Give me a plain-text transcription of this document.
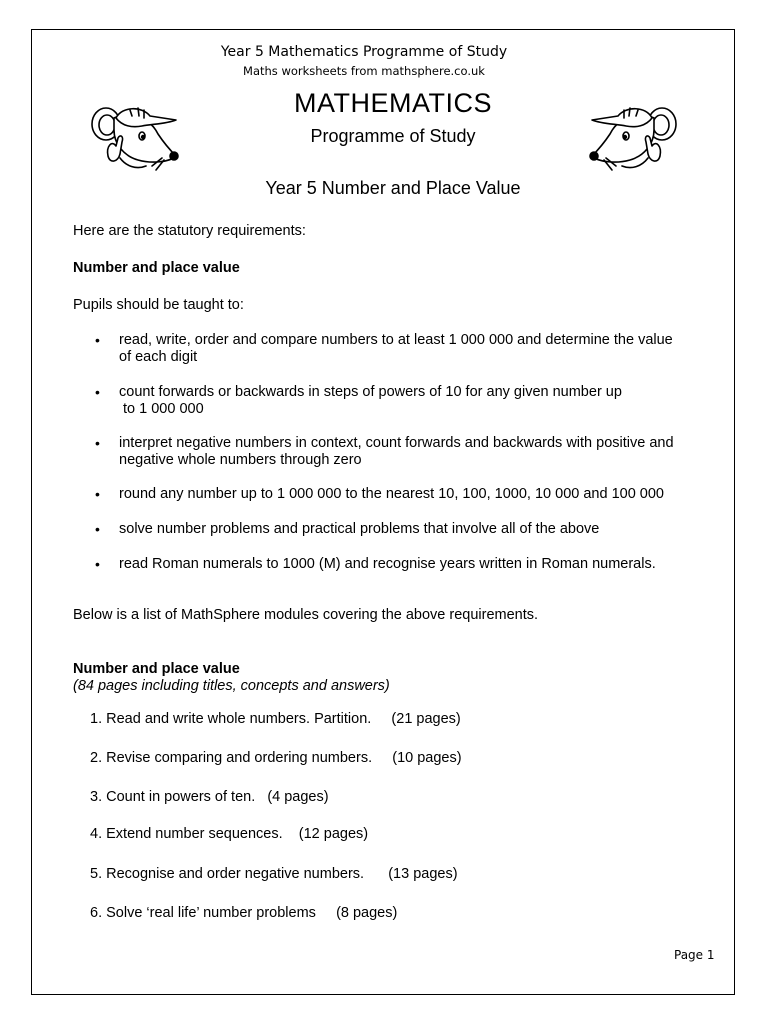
Year 5 Mathematics Programme of Study
Maths worksheets from mathsphere.co.uk
MATHEMATICS
Programme of Study
Year 5 Number and Place Value
Here are the statutory requirements:
Number and place value
Pupils should be taught to:
• read, write, order and compare numbers to at least 1 000 000 and determine the value
of each digit
• count forwards or backwards in steps of powers of 10 for any given number up
to 1 000 000
• interpret negative numbers in context, count forwards and backwards with positive and
negative whole numbers through zero
• round any number up to 1 000 000 to the nearest 10, 100, 1000, 10 000 and 100 000
• solve number problems and practical problems that involve all of the above
• read Roman numerals to 1000 (M) and recognise years written in Roman numerals.
Below is a list of MathSphere modules covering the above requirements.
Number and place value
(84 pages including titles, concepts and answers)
1. Read and write whole numbers. Partition.     (21 pages)
2. Revise comparing and ordering numbers.     (10 pages)
3. Count in powers of ten.   (4 pages)
4. Extend number sequences.    (12 pages)
5. Recognise and order negative numbers.      (13 pages)
6. Solve ‘real life’ number problems     (8 pages)
Page 1
